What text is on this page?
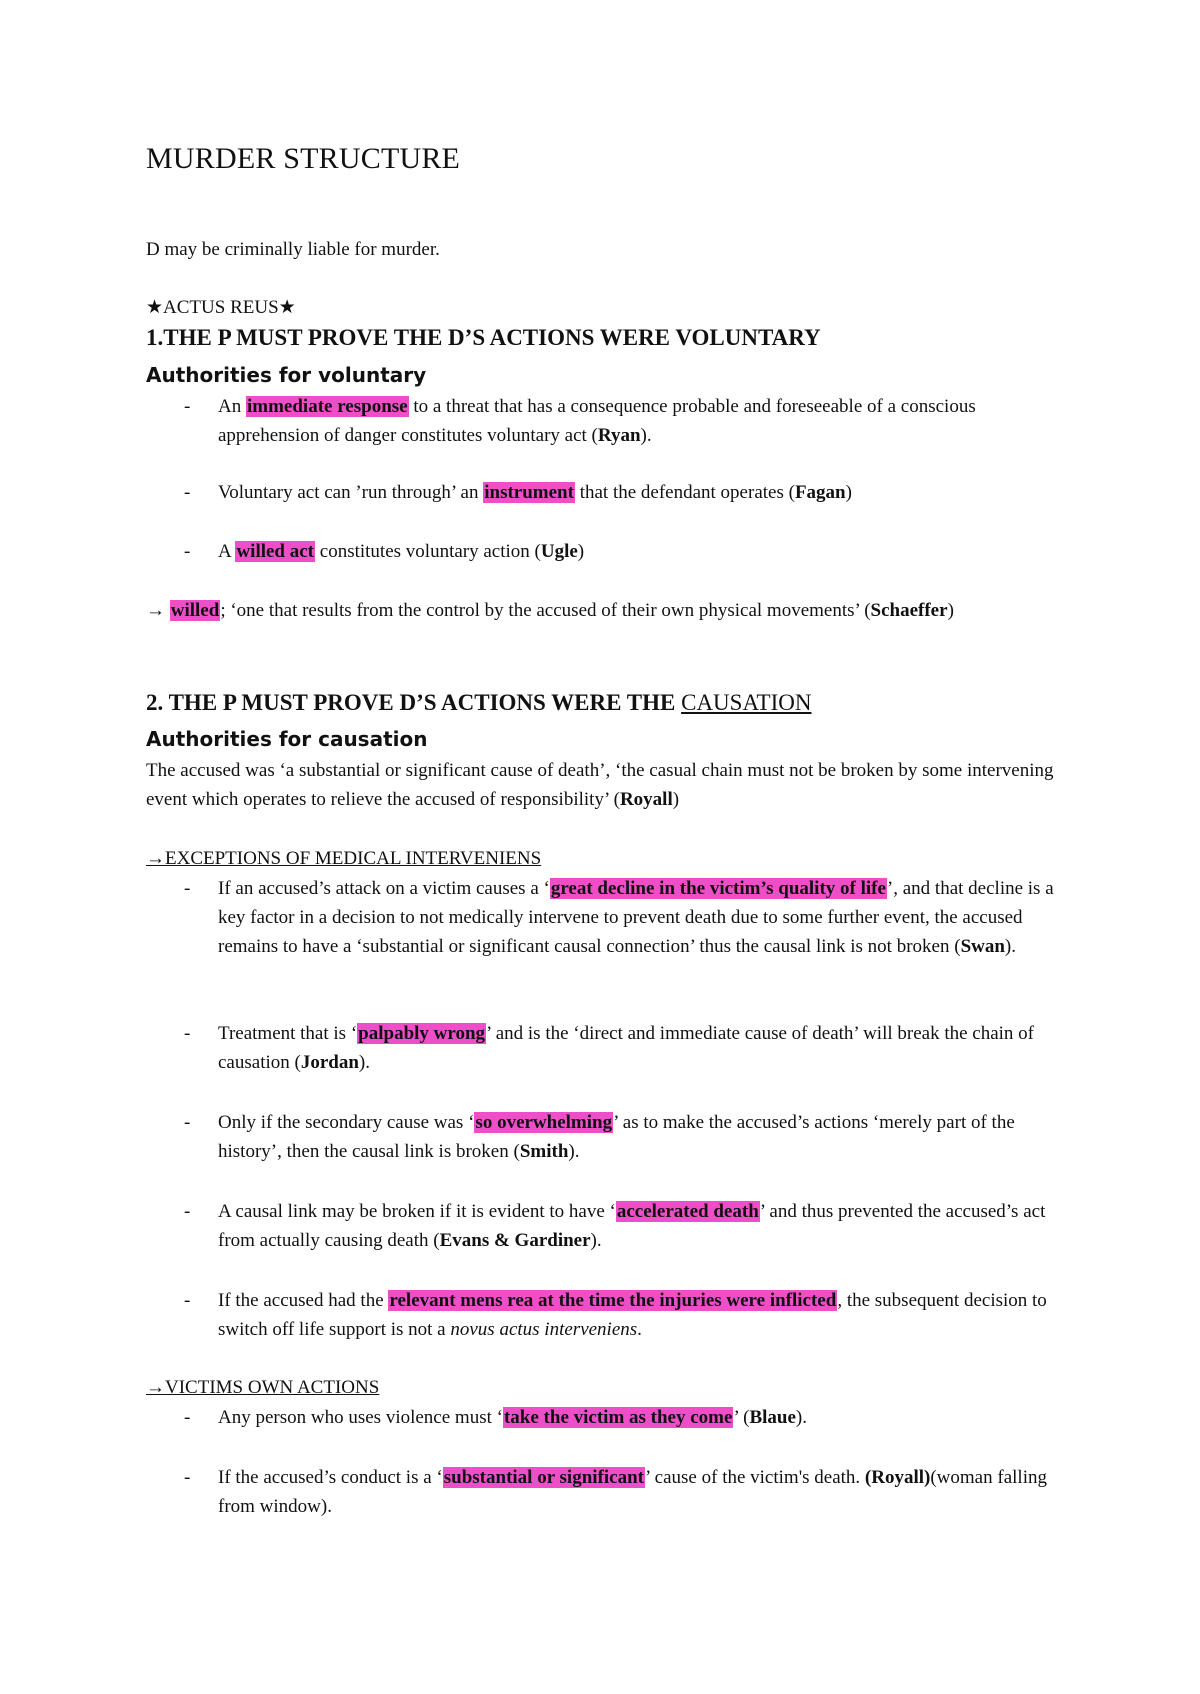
MURDER STRUCTURE

D may be criminally liable for murder.

★ACTUS REUS★

1.THE P MUST PROVE THE D’S ACTIONS WERE VOLUNTARY
Authorities for voluntary
- An immediate response to a threat that has a consequence probable and foreseeable of a conscious apprehension of danger constitutes voluntary act (Ryan).
- Voluntary act can ’run through’ an instrument that the defendant operates (Fagan)
- A willed act constitutes voluntary action (Ugle)

→ willed; ‘one that results from the control by the accused of their own physical movements’ (Schaeffer)

2. THE P MUST PROVE D’S ACTIONS WERE THE CAUSATION
Authorities for causation

The accused was ‘a substantial or significant cause of death’, ‘the casual chain must not be broken by some intervening event which operates to relieve the accused of responsibility’ (Royall)

→EXCEPTIONS OF MEDICAL INTERVENIENS

- If an accused’s attack on a victim causes a ‘great decline in the victim’s quality of life’, and that decline is a key factor in a decision to not medically intervene to prevent death due to some further event, the accused remains to have a ‘substantial or significant causal connection’ thus the causal link is not broken (Swan).
- Treatment that is ‘palpably wrong’ and is the ‘direct and immediate cause of death’ will break the chain of causation (Jordan).
- Only if the secondary cause was ‘so overwhelming’ as to make the accused’s actions ‘merely part of the history’, then the causal link is broken (Smith).
- A causal link may be broken if it is evident to have ‘accelerated death’ and thus prevented the accused’s act from actually causing death (Evans & Gardiner).
- If the accused had the relevant mens rea at the time the injuries were inflicted, the subsequent decision to switch off life support is not a novus actus interveniens.

→VICTIMS OWN ACTIONS

- Any person who uses violence must ‘take the victim as they come’ (Blaue).
- If the accused’s conduct is a ‘substantial or significant’ cause of the victim's death. (Royall)(woman falling from window).
